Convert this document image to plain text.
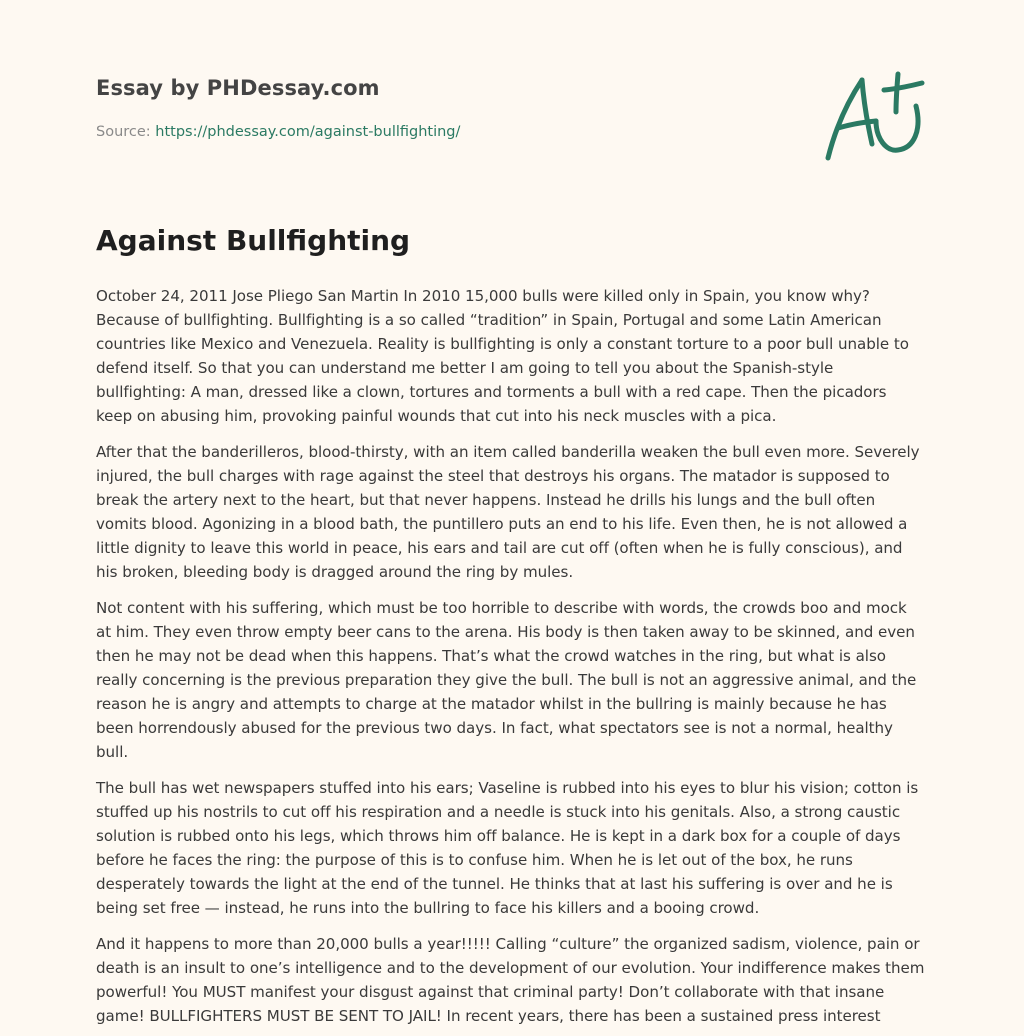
Essay by PHDessay.com
Source: https://phdessay.com/against-bullfighting/
Against Bullfighting

October 24, 2011 Jose Pliego San Martin In 2010 15,000 bulls were killed only in Spain, you know why? Because of bullfighting. Bullfighting is a so called “tradition” in Spain, Portugal and some Latin American countries like Mexico and Venezuela. Reality is bullfighting is only a constant torture to a poor bull unable to defend itself. So that you can understand me better I am going to tell you about the Spanish-style bullfighting: A man, dressed like a clown, tortures and torments a bull with a red cape. Then the picadors keep on abusing him, provoking painful wounds that cut into his neck muscles with a pica.

After that the banderilleros, blood-thirsty, with an item called banderilla weaken the bull even more. Severely injured, the bull charges with rage against the steel that destroys his organs. The matador is supposed to break the artery next to the heart, but that never happens. Instead he drills his lungs and the bull often vomits blood. Agonizing in a blood bath, the puntillero puts an end to his life. Even then, he is not allowed a little dignity to leave this world in peace, his ears and tail are cut off (often when he is fully conscious), and his broken, bleeding body is dragged around the ring by mules.

Not content with his suffering, which must be too horrible to describe with words, the crowds boo and mock at him. They even throw empty beer cans to the arena. His body is then taken away to be skinned, and even then he may not be dead when this happens. That’s what the crowd watches in the ring, but what is also really concerning is the previous preparation they give the bull. The bull is not an aggressive animal, and the reason he is angry and attempts to charge at the matador whilst in the bullring is mainly because he has been horrendously abused for the previous two days. In fact, what spectators see is not a normal, healthy bull.

The bull has wet newspapers stuffed into his ears; Vaseline is rubbed into his eyes to blur his vision; cotton is stuffed up his nostrils to cut off his respiration and a needle is stuck into his genitals. Also, a strong caustic solution is rubbed onto his legs, which throws him off balance. He is kept in a dark box for a couple of days before he faces the ring: the purpose of this is to confuse him. When he is let out of the box, he runs desperately towards the light at the end of the tunnel. He thinks that at last his suffering is over and he is being set free — instead, he runs into the bullring to face his killers and a booing crowd.

And it happens to more than 20,000 bulls a year!!!!! Calling “culture” the organized sadism, violence, pain or death is an insult to one’s intelligence and to the development of our evolution. Your indifference makes them powerful! You MUST manifest your disgust against that criminal party! Don’t collaborate with that insane game! BULLFIGHTERS MUST BE SENT TO JAIL! In recent years, there has been a sustained press interest
